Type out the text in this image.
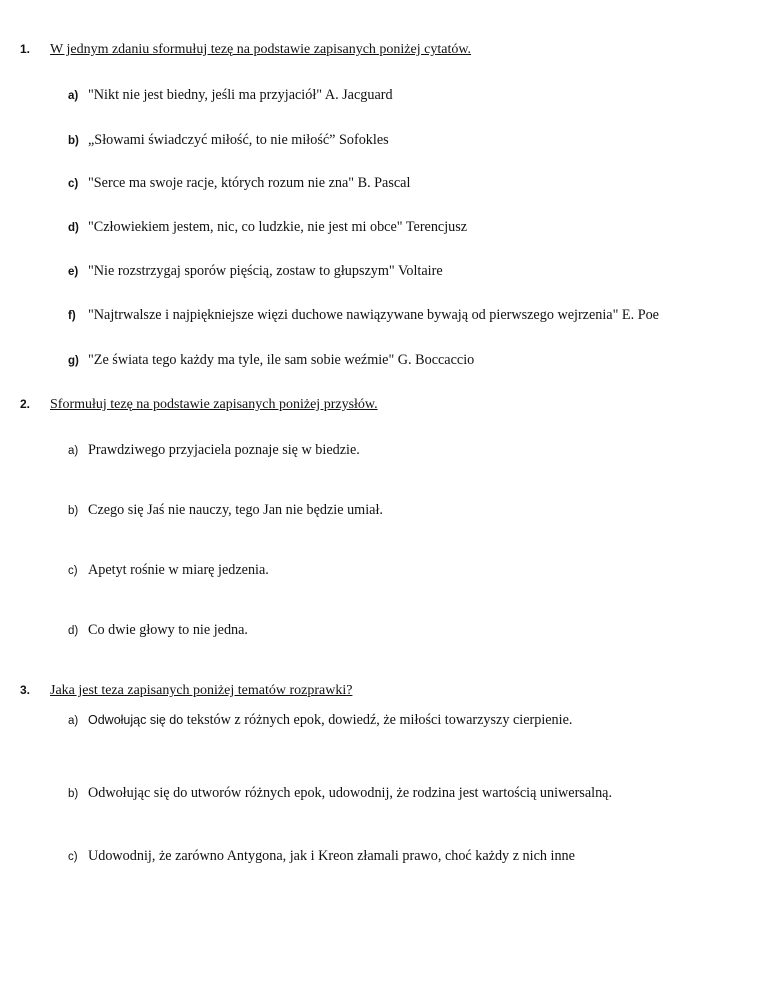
1. W jednym zdaniu sformułuj tezę na podstawie zapisanych poniżej cytatów.
a) "Nikt nie jest biedny, jeśli ma przyjaciół" A. Jacguard
b) „Słowami świadczyć miłość, to nie miłość” Sofokles
c) "Serce ma swoje racje, których rozum nie zna" B. Pascal
d) "Człowiekiem jestem, nic, co ludzkie, nie jest mi obce" Terencjusz
e) "Nie rozstrzygaj sporów pięścią, zostaw to głupszym" Voltaire
f) "Najtrwalsze i najpiękniejsze więzi duchowe nawiązywane bywają od pierwszego wejrzenia" E. Poe
g) "Ze świata tego każdy ma tyle, ile sam sobie weźmie" G. Boccaccio
2. Sformułuj tezę na podstawie zapisanych poniżej przysłów.
a) Prawdziwego przyjaciela poznaje się w biedzie.
b) Czego się Jaś nie nauczy, tego Jan nie będzie umiał.
c) Apetyt rośnie w miarę jedzenia.
d) Co dwie głowy to nie jedna.
3. Jaka jest teza zapisanych poniżej tematów rozprawki?
a) Odwołując się do tekstów z różnych epok, dowiedź, że miłości towarzyszy cierpienie.
b) Odwołując się do utworów różnych epok, udowodnij, że rodzina jest wartością uniwersalną.
c) Udowodnij, że zarówno Antygona, jak i Kreon złamali prawo, choć każdy z nich inne
